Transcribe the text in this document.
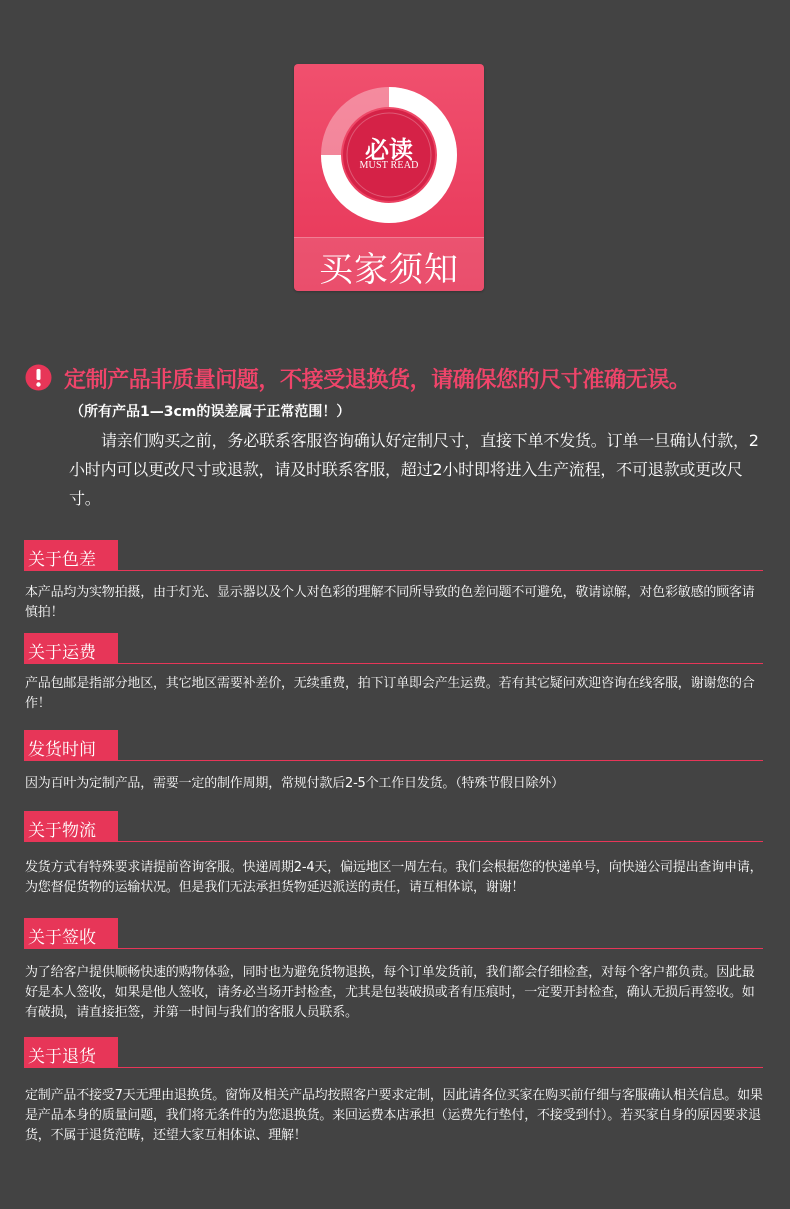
必读
MUST READ
买家须知
定制产品非质量问题，不接受退换货，请确保您的尺寸准确无误。
（所有产品1—3cm的误差属于正常范围！）
请亲们购买之前，务必联系客服咨询确认好定制尺寸，直接下单不发货。订单一旦确认付款，2小时内可以更改尺寸或退款，请及时联系客服，超过2小时即将进入生产流程，不可退款或更改尺寸。
关于色差
本产品均为实物拍摄，由于灯光、显示器以及个人对色彩的理解不同所导致的色差问题不可避免，敬请谅解，对色彩敏感的顾客请慎拍！
关于运费
产品包邮是指部分地区，其它地区需要补差价，无续重费，拍下订单即会产生运费。若有其它疑问欢迎咨询在线客服，谢谢您的合作！
发货时间
因为百叶为定制产品，需要一定的制作周期，常规付款后2-5个工作日发货。（特殊节假日除外）
关于物流
发货方式有特殊要求请提前咨询客服。快递周期2-4天，偏远地区一周左右。我们会根据您的快递单号，向快递公司提出查询申请，为您督促货物的运输状况。但是我们无法承担货物延迟派送的责任，请互相体谅，谢谢！
关于签收
为了给客户提供顺畅快速的购物体验，同时也为避免货物退换，每个订单发货前，我们都会仔细检查，对每个客户都负责。因此最好是本人签收，如果是他人签收，请务必当场开封检查，尤其是包装破损或者有压痕时，一定要开封检查，确认无损后再签收。如有破损，请直接拒签，并第一时间与我们的客服人员联系。
关于退货
定制产品不接受7天无理由退换货。窗饰及相关产品均按照客户要求定制，因此请各位买家在购买前仔细与客服确认相关信息。如果是产品本身的质量问题，我们将无条件的为您退换货。来回运费本店承担（运费先行垫付，不接受到付）。若买家自身的原因要求退货，不属于退货范畴，还望大家互相体谅、理解！
